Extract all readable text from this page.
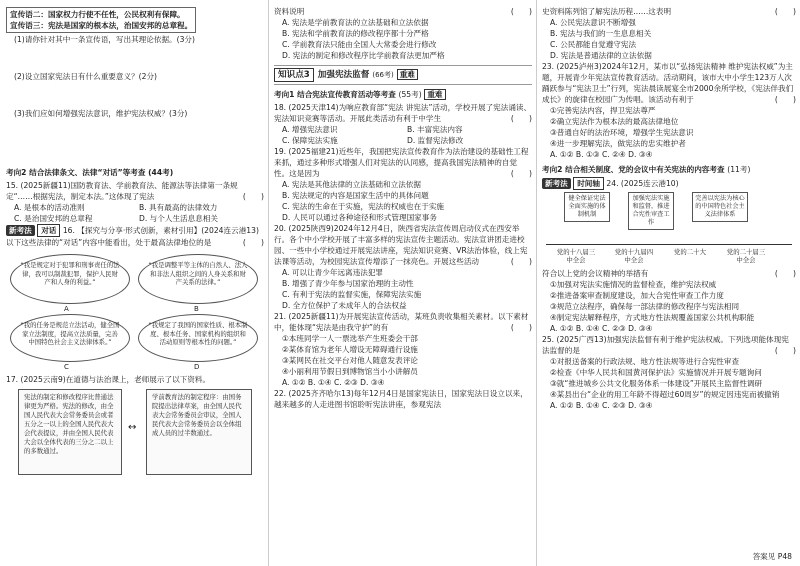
宣传语二：国家权力行使不任性，公民权利有保障。
宣传语三：宪法是国家的根本法，治国安邦的总章程。
(1)请你针对其中一条宣传语，写出其理论依据。(3分)
(2)设立国家宪法日有什么重要意义？(2分)
(3)我们应如何增强宪法意识，维护宪法权威？(3分)
考向2 结合法律条文、法律“对话”等考查 (44考)
15. (2025新疆11)国防教育法、学前教育法、能源法等法律第一条规定“……根据宪法，制定本法。”这体现了宪法	(　　)
A. 是根本的活动准则	B. 具有最高的法律效力
C. 是治国安邦的总章程	D. 与个人生活息息相关
新考法 对话 16. 【探究与分享·形式创新，素材引用】(2024连云港13)以下这些法律的“对话”内容中能看出，处于最高法律地位的是	(　　)
“我是规定对于犯罪和刑事责任的法律，我可以制裁犯罪，保护人民财产和人身的利益。”
A
“我是调整平等主体的自然人、法人和非法人组织之间的人身关系和财产关系的法律。”
B
“我的任务是规范立法活动，健全国家立法制度，提高立法质量，完善中国特色社会主义法律体系。”
C
“我规定了我国的国家性质、根本制度、根本任务、国家机构的组织和活动原则等根本性的问题。”
D
17. (2025云南9)在道德与法治课上，老师展示了以下资料。
宪法的制定和修改程序比普通法律更为严格。宪法的修改，由全国人民代表大会常务委员会或者五分之一以上的全国人民代表大会代表提议，并由全国人民代表大会以全体代表的三分之二以上的多数通过。
↔
学前教育法的制定程序：由国务院提出法律草案，由全国人民代表大会常务委员会审议，全国人民代表大会常务委员会以全体组成人员的过半数通过。
资料说明	(　　)
A. 宪法是学前教育法的立法基础和立法依据
B. 宪法和学前教育法的修改程序都十分严格
C. 学前教育法只能由全国人大常委会进行修改
D. 宪法的制定和修改程序比学前教育法更加严格
知识点3 加强宪法监督 (66考) 重难
考向1 结合宪法宣传教育活动等考查 (55考) 重难
18. (2025天津14)为响应教育部“宪法 讲宪法”活动，学校开展了宪法诵读、宪法知识竞赛等活动。开展此类活动有利于中学生	(　　)
A. 增强宪法意识	B. 丰富宪法内容
C. 保障宪法实施	D. 监督宪法修改
19. (2025福建21)近些年，我国把宪法宣传教育作为法治建设的基础性工程来抓，通过多种形式增强人们对宪法的认同感，提高我国宪法精神的自觉性。这是因为	(　　)
A. 宪法是其他法律的立法基础和立法依据
B. 宪法规定的内容是国家生活中的具体问题
C. 宪法的生命在于实施，宪法的权威也在于实施
D. 人民可以通过各种途径和形式管理国家事务
20. (2025陕西9)2024年12月4日，陕西省宪法宣传周启动仪式在西安举行。各个中小学校开展了丰富多样的宪法宣传主题活动。宪法宣讲团走进校园、一些中小学校通过开展宪法讲座，宪法知识竞赛、VR法治体验，线上宪法课等活动，为校园宪法宣传增添了一抹亮色。开展这些活动	(　　)
A. 可以让青少年远离违法犯罪
B. 增强了青少年参与国家治理的主动性
C. 有利于宪法的监督实施，保障宪法实施
D. 全方位保护了未成年人的合法权益
21. (2025新疆11)为开展宪法宣传活动，某班负责收集相关素材。以下素材中，能体现“宪法是由我守护”的有	(　　)
①本班同学一人一票选举产生班委会干部
②某体育馆为老年人增设无障碍通行设施
③某网民在社交平台对他人随意发表评论
④小丽利用节假日到博物馆当小小讲解员
A. ①② B. ①④ C. ②③ D. ③④
22. (2025齐齐哈尔13)每年12月4日是国家宪法日，国家宪法日设立以来，越来越多的人走进图书馆聆听宪法讲座，参观宪法
史资料陈列馆了解宪法历程……这表明	(　　)
A. 公民宪法意识不断增强
B. 宪法与我们的一生息息相关
C. 公民都能自觉遵守宪法
D. 宪法是普通法律的立法依据
23. (2025泸州3)2024年12月，某市以“弘扬宪法精神 维护宪法权威”为主题，开展青少年宪法宣传教育活动。活动期间，该市大中小学生123万人次踊跃参与“宪法卫士”行列，宪法晨读展宴全市2000余所学校，《宪法伴我们成长》的旋律在校园广为传唱。该活动有利于	(　　)
①完善宪法内容，捍卫宪法尊严
②确立宪法作为根本法的最高法律地位
③普通自好的法治环境，增强学生宪法意识
④进一步理解宪法，做宪法的忠实维护者
A. ①② B. ①③ C. ②④ D. ③④
考向2 结合相关制度、党的会议中有关宪法的内容考查 (11考)
新考法 时间轴 24. (2025连云港10)
健全保证宪法全面实施的体制机制
加强宪法实施和监督，推进合宪性审查工作
完善以宪法为核心的中国特色社会主义法律体系
党的十八届三中全会
党的十九届四中全会
党的二十大	党的二十届三中全会
符合以上党的会议精神的举措有	(　　)
①加强对宪法实施情况的监督检查，维护宪法权威
②推进备案审查制度建设，加大合宪性审查工作力度
③规范立法程序，确保每一部法律的修改程序与宪法相同
④制定宪法解释程序，方式地方性法规覆盖国家公共机构职能
A. ①② B. ①④ C. ②③ D. ③④
25. (2025广西13)加强宪法监督有利于维护宪法权威。下列选项能体现宪法监督的是	(　　)
①对报送备案的行政法规、地方性法规等进行合宪性审查
②检查《中华人民共和国黄河保护法》实施情况并开展专题询问
③就“推进城乡公共文化服务体系一体建设”开展民主监督性调研
④某县出台“企业的用工年龄不得超过60周岁”的规定因违宪而被撤销
A. ①② B. ①④ C. ②③ D. ③④
答案见 P48
